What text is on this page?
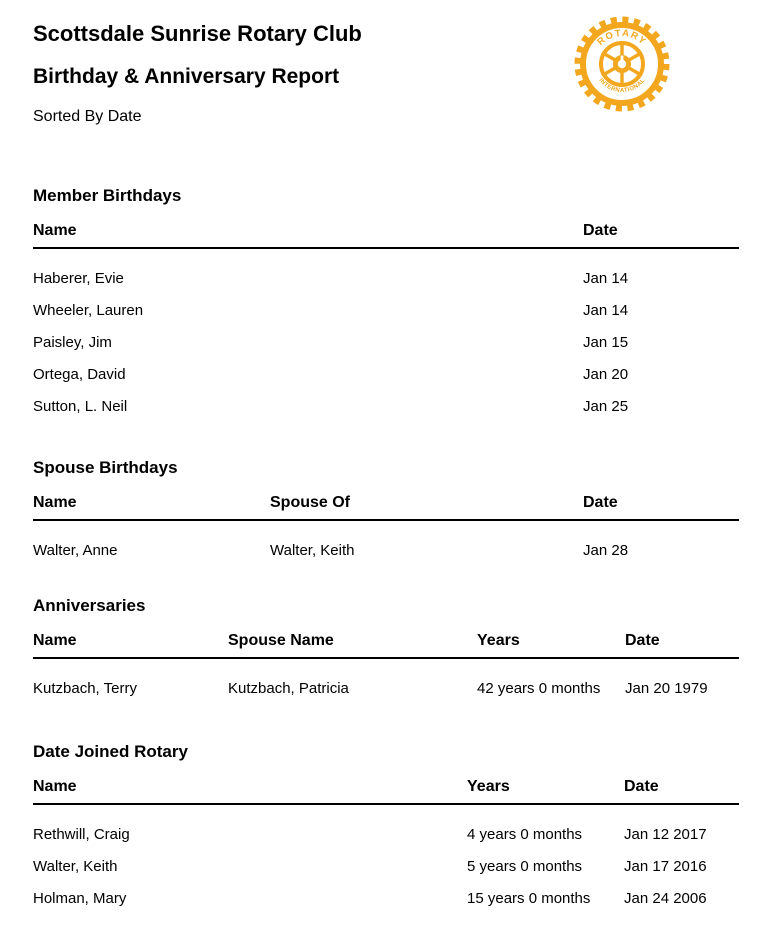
Scottsdale Sunrise Rotary Club
Birthday & Anniversary Report
Sorted By Date
ROTARY
INTERNATIONAL
Member Birthdays
Name	Date
Haberer, Evie	Jan 14
Wheeler, Lauren	Jan 14
Paisley, Jim	Jan 15
Ortega, David	Jan 20
Sutton, L. Neil	Jan 25
Spouse Birthdays
Name	Spouse Of	Date
Walter, Anne	Walter, Keith	Jan 28
Anniversaries
Name	Spouse Name	Years	Date
Kutzbach, Terry	Kutzbach, Patricia	42 years 0 months	Jan 20 1979
Date Joined Rotary
Name	Years	Date
Rethwill, Craig	4 years 0 months	Jan 12 2017
Walter, Keith	5 years 0 months	Jan 17 2016
Holman, Mary	15 years 0 months	Jan 24 2006
